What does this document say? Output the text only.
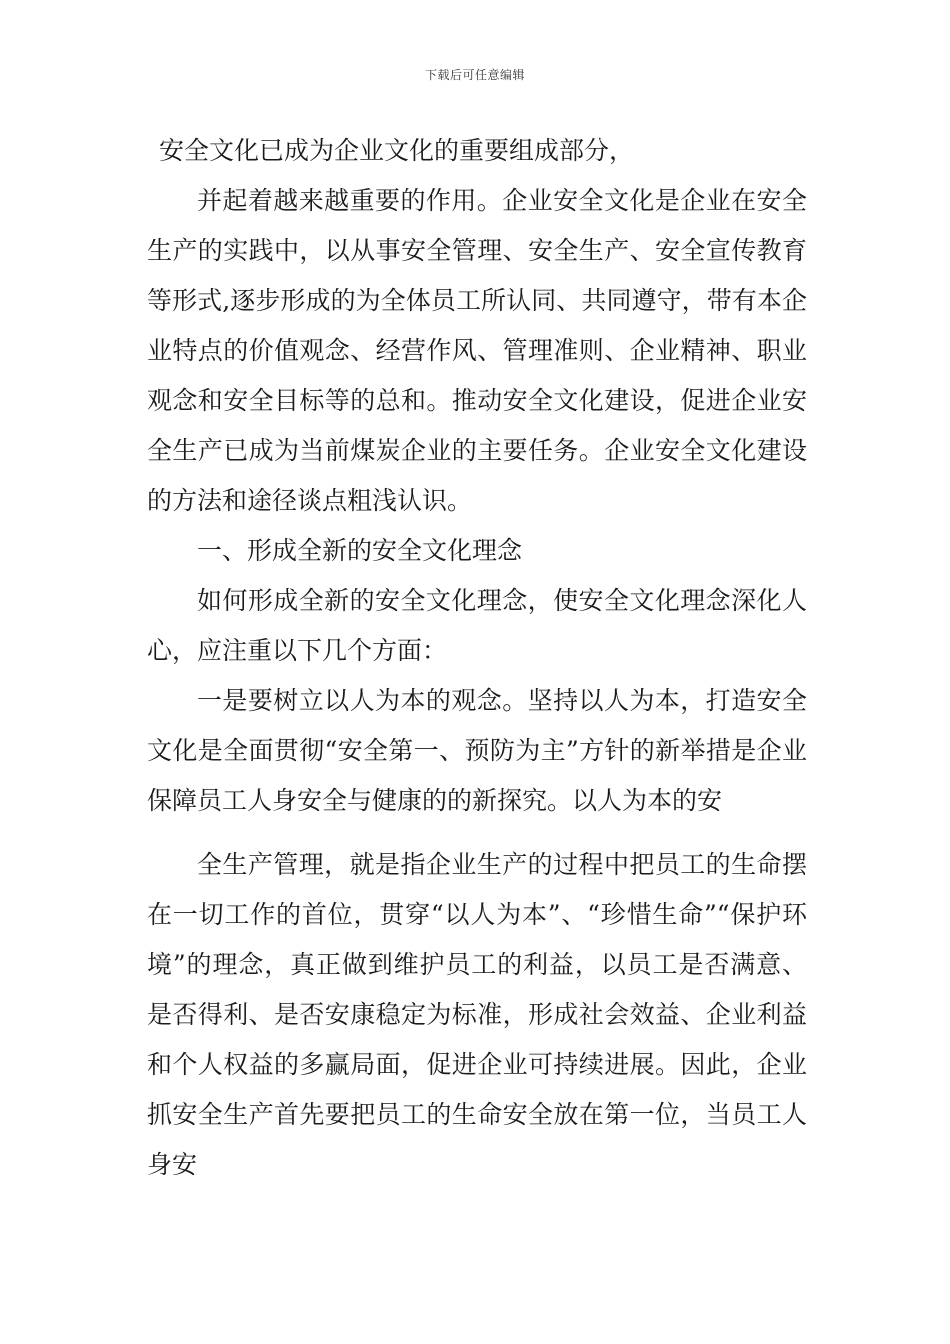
下载后可任意编辑

安全文化已成为企业文化的重要组成部分，

并起着越来越重要的作用。企业安全文化是企业在安全生产的实践中，以从事安全管理、安全生产、安全宣传教育等形式,逐步形成的为全体员工所认同、共同遵守，带有本企业特点的价值观念、经营作风、管理准则、企业精神、职业观念和安全目标等的总和。推动安全文化建设，促进企业安全生产已成为当前煤炭企业的主要任务。企业安全文化建设的方法和途径谈点粗浅认识。

一、形成全新的安全文化理念

如何形成全新的安全文化理念，使安全文化理念深化人心，应注重以下几个方面：

一是要树立以人为本的观念。坚持以人为本，打造安全文化是全面贯彻“安全第一、预防为主”方针的新举措是企业保障员工人身安全与健康的的新探究。以人为本的安

全生产管理，就是指企业生产的过程中把员工的生命摆在一切工作的首位，贯穿“以人为本”、“珍惜生命”“保护环境”的理念，真正做到维护员工的利益，以员工是否满意、是否得利、是否安康稳定为标准，形成社会效益、企业利益和个人权益的多赢局面，促进企业可持续进展。因此，企业抓安全生产首先要把员工的生命安全放在第一位，当员工人身安
